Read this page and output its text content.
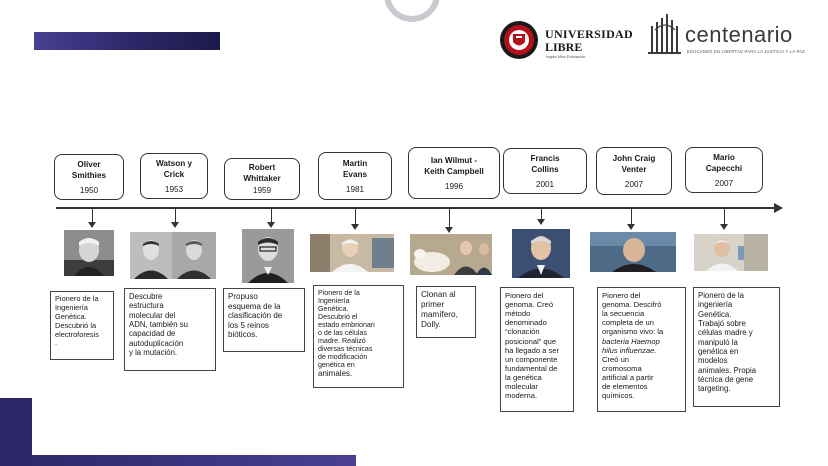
UNIVERSIDAD
LIBRE
Inglés Mira Educación
centenario
EDUCANDO EN LIBERTAD PARA LA JUSTICIA Y LA PAZ
Oliver
Smithies
1950
Pionero de la
Ingeniería
Genética.
Descubrió la
electroforesis
.
Watson y
Crick
1953
Descubre
estructura
molecular del
ADN, también su
capacidad de
autoduplicación
y la mutación.
Robert
Whittaker
1959
Propuso
esquema de la
clasificación de
los 5 reinos
bióticos.
Martin
Evans
1981
Pionero de la
Ingeniería
Genética.
Descubrió el
estado embrionari
o de las células
madre. Realizó
diversas técnicas
de modificación
genética en
animales.
Ian Wilmut -
Keith Campbell
1996
Clonan al
primer
mamífero,
Dolly.
Francis
Collins
2001
Pionero del
genoma. Creó
método
denominado
“clonación
posicional” que
ha llegado a ser
un componente
fundamental de
la genética
molecular
moderna.
John Craig
Venter
2007
Pionero del
genoma. Descifró
la secuencia
completa de un
organismo vivo: la
bacteria Haemop
hilus influenzae.
Creó un
cromosoma
artificial a partir
de elementos
químicos.
Mario
Capecchi
2007
Pionero de la
ingeniería
Genética.
Trabajó sobre
células madre y
manipuló la
genética en
modelos
animales. Propia
técnica de gene
targeting.
